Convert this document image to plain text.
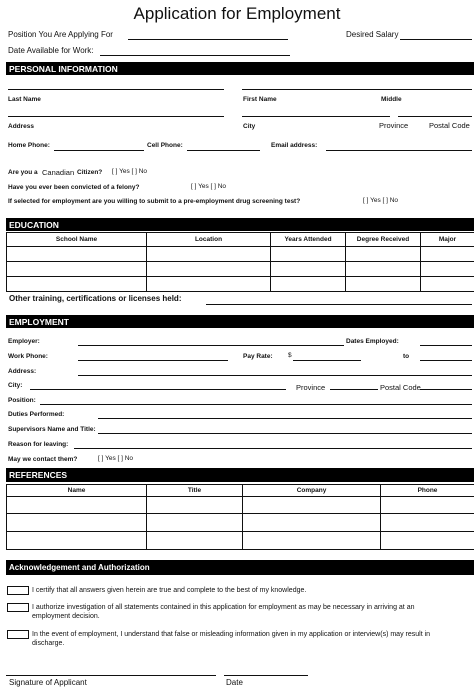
Application for Employment
Position You Are Applying For	Desired Salary
Date Available for Work:
PERSONAL INFORMATION
Last Name	First Name	Middle
Address	City	Province	Postal Code
Home Phone:	Cell Phone:	Email address:
Are you a Canadian Citizen? [ ] Yes [ ] No
Have you ever been convicted of a felony?	[ ] Yes [ ] No
If selected for employment are you willing to submit to a pre-employment drug screening test?	[ ] Yes [ ] No
EDUCATION
School Name	Location	Years Attended	Degree Received	Major

Other training, certifications or licenses held:
EMPLOYMENT
Employer:	Dates Employed:
Work Phone:	Pay Rate: $	to
Address:
City:	Province	Postal Code
Position:
Duties Performed:
Supervisors Name and Title:
Reason for leaving:
May we contact them?	[ ] Yes [ ] No
REFERENCES
Name	Title	Company	Phone

Acknowledgement and Authorization
I certify that all answers given herein are true and complete to the best of my knowledge.
I authorize investigation of all statements contained in this application for employment as may be necessary in arriving at an employment decision.
In the event of employment, I understand that false or misleading information given in my application or interview(s) may result in discharge.
Signature of Applicant	Date
